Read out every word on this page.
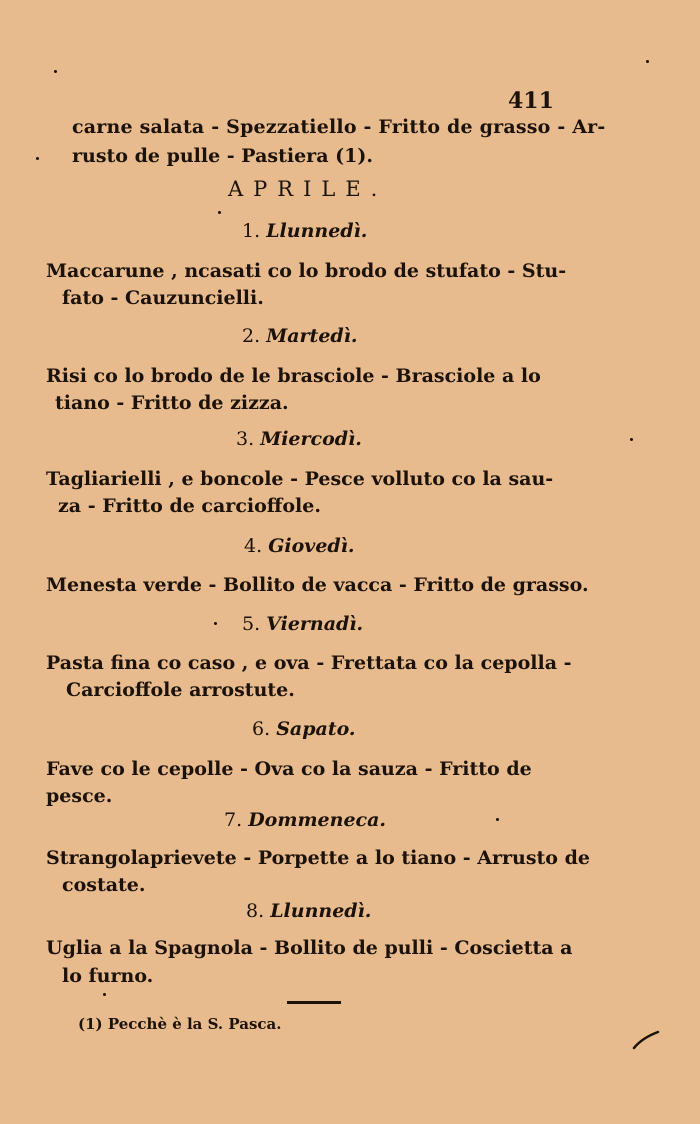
411
carne salata - Spezzatiello - Fritto de grasso - Ar-
rusto de pulle - Pastiera (1).
APRILE.
1. Llunnedì.
Maccarune , ncasati co lo brodo de stufato - Stu-
fato - Cauzuncielli.
2. Martedì.
Risi co lo brodo de le brasciole - Brasciole a lo
tiano - Fritto de zizza.
3. Miercodì.
Tagliarielli , e boncole - Pesce volluto co la sau-
za - Fritto de carcioffole.
4. Giovedì.
Menesta verde - Bollito de vacca - Fritto de grasso.
5. Viernadì.
Pasta fina co caso , e ova - Frettata co la cepolla -
Carcioffole arrostute.
6. Sapato.
Fave co le cepolle - Ova co la sauza - Fritto de
pesce.
7. Dommeneca.
Strangolaprievete - Porpette a lo tiano - Arrusto de
costate.
8. Llunnedì.
Uglia a la Spagnola - Bollito de pulli - Coscietta a
lo furno.
(1) Pecchè è la S. Pasca.
